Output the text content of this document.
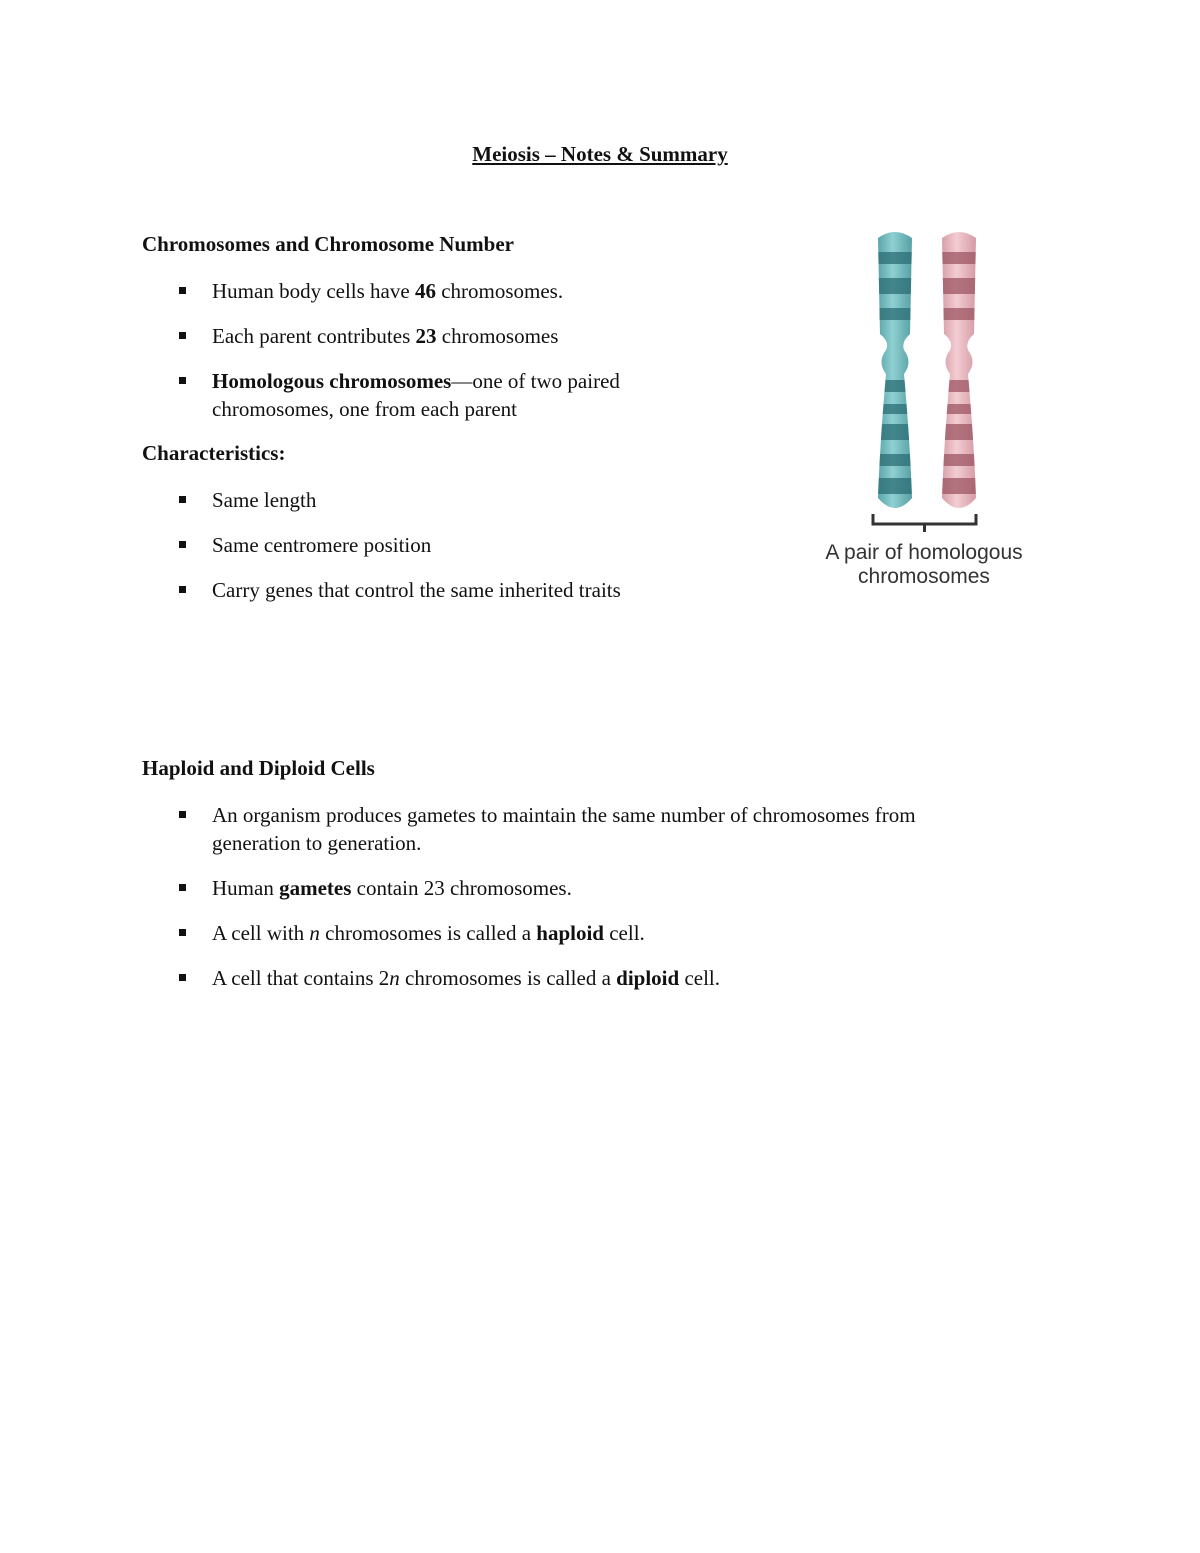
Meiosis – Notes & Summary

Chromosomes and Chromosome Number

Human body cells have 46 chromosomes.
Each parent contributes 23 chromosomes
Homologous chromosomes—one of two paired
chromosomes, one from each parent

Characteristics:

Same length
Same centromere position
Carry genes that control the same inherited traits
A pair of homologous
chromosomes

Haploid and Diploid Cells

An organism produces gametes to maintain the same number of chromosomes from
generation to generation.
Human gametes contain 23 chromosomes.
A cell with n chromosomes is called a haploid cell.
A cell that contains 2n chromosomes is called a diploid cell.
